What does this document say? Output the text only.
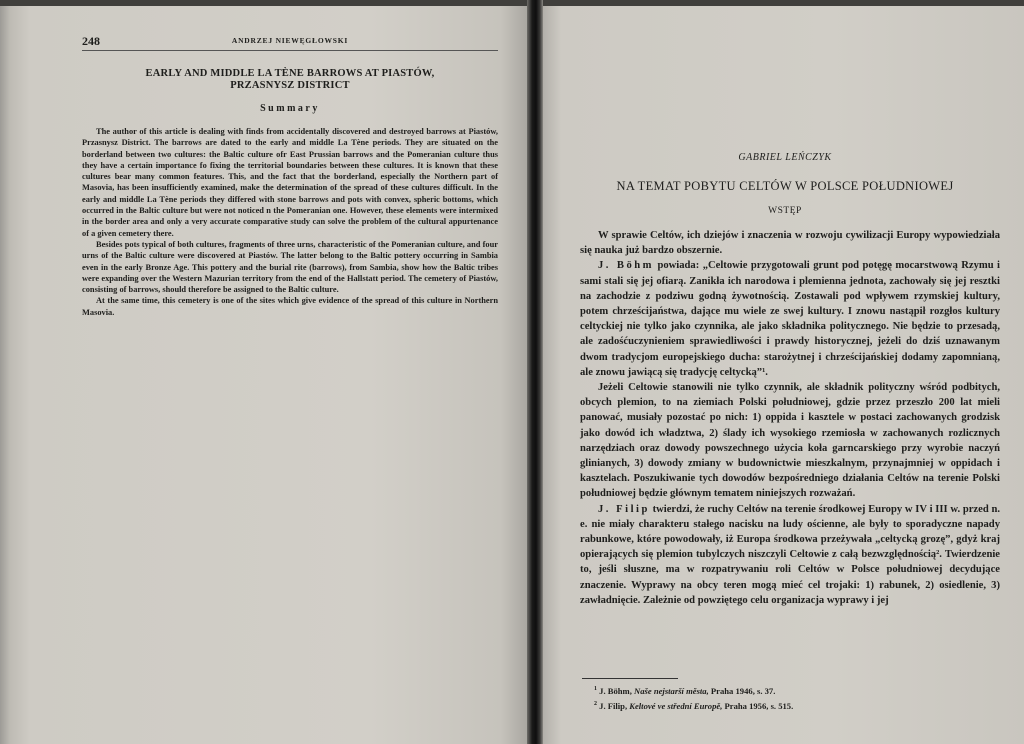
248	ANDRZEJ NIEWĘGŁOWSKI
EARLY AND MIDDLE LA TÈNE BARROWS AT PIASTÓW,
PRZASNYSZ DISTRICT
Summary

The author of this article is dealing with finds from accidentally discovered and destroyed barrows at Piastów, Przasnysz District. The barrows are dated to the early and middle La Tène periods. They are situated on the borderland between two cultures: the Baltic culture ofr East Prussian barrows and the Pomeranian culture thus they have a certain importance fo fixing the territorial boundaries between these cultures. It is known that these cultures bear many common features. This, and the fact that the borderland, especially the Northern part of Masovia, has been insufficiently examined, make the determination of the spread of these cultures difficult. In the early and middle La Tène periods they differed with stone barrows and pots with convex, spheric bottoms, which occurred in the Baltic culture but were not noticed n the Pomeranian one. However, these elements were intermixed in the border area and only a very accurate comparative study can solve the problem of the cultural appurtenance of a given cemetery there.

Besides pots typical of both cultures, fragments of three urns, characteristic of the Pomeranian culture, and four urns of the Baltic culture were discovered at Piastów. The latter belong to the Baltic pottery occurring in Sambia even in the early Bronze Age. This pottery and the burial rite (barrows), from Sambia, show how the Baltic tribes were expanding over the Western Mazurian territory from the end of the Hallstatt period. The cemetery of Piastów, consisting of barrows, should therefore be assigned to the Baltic culture.

At the same time, this cemetery is one of the sites which give evidence of the spread of this culture in Northern Masovia.

GABRIEL LEŃCZYK
NA TEMAT POBYTU CELTÓW W POLSCE POŁUDNIOWEJ
WSTĘP

W sprawie Celtów, ich dziejów i znaczenia w rozwoju cywilizacji Europy wypowiedziała się nauka już bardzo obszernie.

J. Böhm powiada: „Celtowie przygotowali grunt pod potęgę mocarstwową Rzymu i sami stali się jej ofiarą. Zanikła ich narodowa i plemienna jednota, zachowały się jej resztki na zachodzie z podziwu godną żywotnością. Zostawali pod wpływem rzymskiej kultury, potem chrześcijaństwa, dające mu wiele ze swej kultury. I znowu nastąpił rozgłos kultury celtyckiej nie tylko jako czynnika, ale jako składnika politycznego. Nie będzie to przesadą, ale zadośćuczynieniem sprawiedliwości i prawdy historycznej, jeżeli do dziś uznawanym dwom tradycjom europejskiego ducha: starożytnej i chrześcijańskiej dodamy zapomnianą, ale znowu jawiącą się tradycję celtycką”¹.

Jeżeli Celtowie stanowili nie tylko czynnik, ale składnik polityczny wśród podbitych, obcych plemion, to na ziemiach Polski południowej, gdzie przez przeszło 200 lat mieli panować, musiały pozostać po nich: 1) oppida i kasztele w postaci zachowanych grodzisk jako dowód ich władztwa, 2) ślady ich wysokiego rzemiosła w zachowanych rozlicznych narzędziach oraz dowody powszechnego użycia koła garncarskiego przy wyrobie naczyń glinianych, 3) dowody zmiany w budownictwie mieszkalnym, przynajmniej w oppidach i kasztelach. Poszukiwanie tych dowodów bezpośredniego działania Celtów na terenie Polski południowej będzie głównym tematem niniejszych rozważań.

J. Filip twierdzi, że ruchy Celtów na terenie środkowej Europy w IV i III w. przed n. e. nie miały charakteru stałego nacisku na ludy ościenne, ale były to sporadyczne napady rabunkowe, które powodowały, iż Europa środkowa przeżywała „celtycką grozę”, gdyż kraj opierających się plemion tubylczych niszczyli Celtowie z całą bezwzględnością². Twierdzenie to, jeśli słuszne, ma w rozpatrywaniu roli Celtów w Polsce południowej decydujące znaczenie. Wyprawy na obcy teren mogą mieć cel trojaki: 1) rabunek, 2) osiedlenie, 3) zawładnięcie. Zależnie od powziętego celu organizacja wyprawy i jej

$^1$ J. Böhm, Naše nejstarší města, Praha 1946, s. 37.

$^2$ J. Filip, Keltové ve střední Europě, Praha 1956, s. 515.
